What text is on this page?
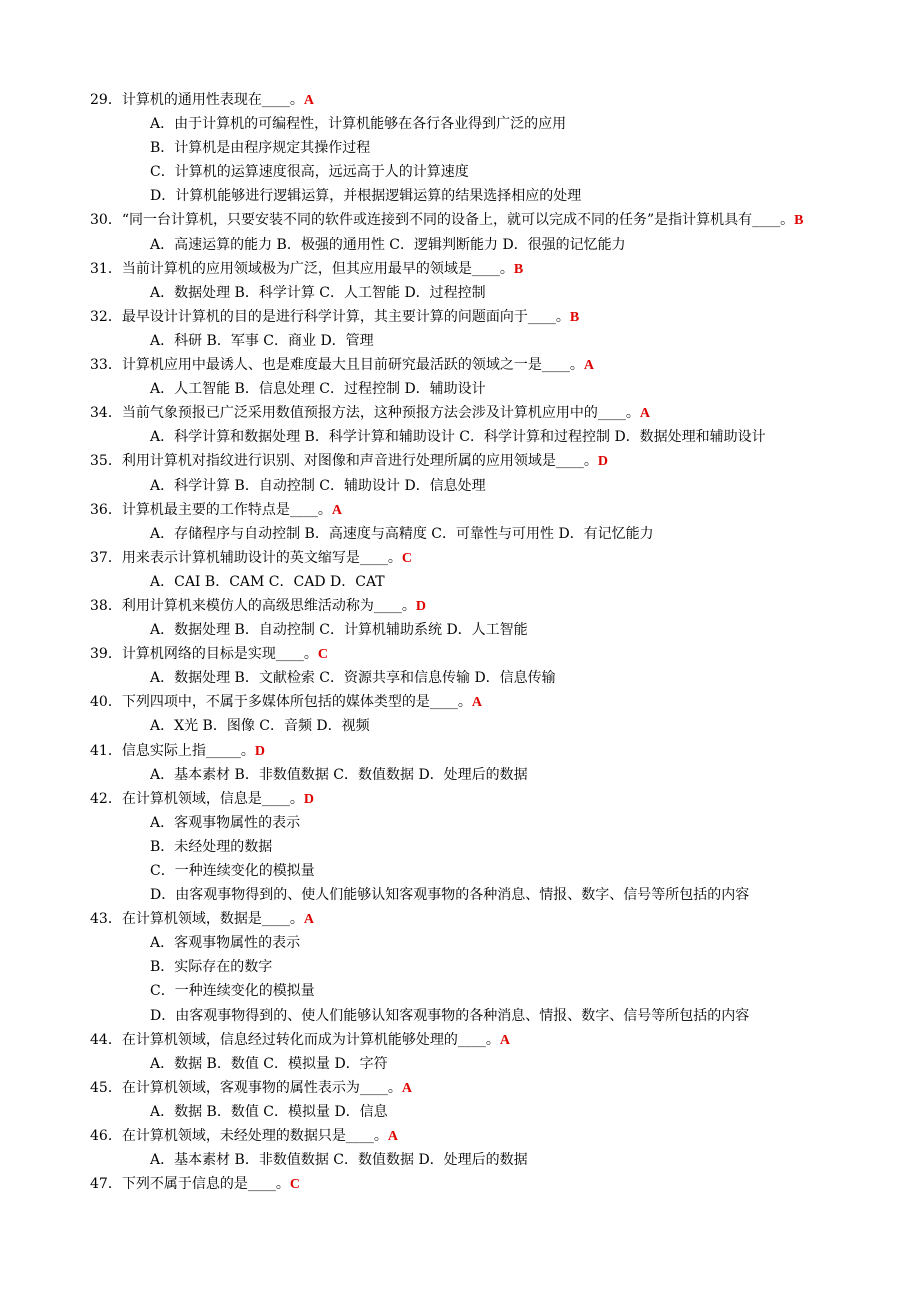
29．计算机的通用性表现在____。A
A．由于计算机的可编程性，计算机能够在各行各业得到广泛的应用
B．计算机是由程序规定其操作过程
C．计算机的运算速度很高，远远高于人的计算速度
D．计算机能够进行逻辑运算，并根据逻辑运算的结果选择相应的处理
30．“同一台计算机，只要安装不同的软件或连接到不同的设备上，就可以完成不同的任务”是指计算机具有____。B
A．高速运算的能力 B．极强的通用性 C．逻辑判断能力 D．很强的记忆能力
31．当前计算机的应用领域极为广泛，但其应用最早的领域是____。B
A．数据处理 B．科学计算 C．人工智能 D．过程控制
32．最早设计计算机的目的是进行科学计算，其主要计算的问题面向于____。B
A．科研 B．军事 C．商业 D．管理
33．计算机应用中最诱人、也是难度最大且目前研究最活跃的领域之一是____。A
A．人工智能 B．信息处理 C．过程控制 D．辅助设计
34．当前气象预报已广泛采用数值预报方法，这种预报方法会涉及计算机应用中的____。A
A．科学计算和数据处理 B．科学计算和辅助设计 C．科学计算和过程控制 D．数据处理和辅助设计
35．利用计算机对指纹进行识别、对图像和声音进行处理所属的应用领域是____。D
A．科学计算 B．自动控制 C．辅助设计 D．信息处理
36．计算机最主要的工作特点是____。A
A．存储程序与自动控制 B．高速度与高精度 C．可靠性与可用性 D．有记忆能力
37．用来表示计算机辅助设计的英文缩写是____。C
A．CAI B．CAM C．CAD D．CAT
38．利用计算机来模仿人的高级思维活动称为____。D
A．数据处理 B．自动控制 C．计算机辅助系统 D．人工智能
39．计算机网络的目标是实现____。C
A．数据处理 B．文献检索 C．资源共享和信息传输 D．信息传输
40．下列四项中，不属于多媒体所包括的媒体类型的是____。A
A．X光 B．图像 C．音频 D．视频
41．信息实际上指_____。D
A．基本素材 B．非数值数据 C．数值数据 D．处理后的数据
42．在计算机领域，信息是____。D
A．客观事物属性的表示
B．未经处理的数据
C．一种连续变化的模拟量
D．由客观事物得到的、使人们能够认知客观事物的各种消息、情报、数字、信号等所包括的内容
43．在计算机领域，数据是____。A
A．客观事物属性的表示
B．实际存在的数字
C．一种连续变化的模拟量
D．由客观事物得到的、使人们能够认知客观事物的各种消息、情报、数字、信号等所包括的内容
44．在计算机领域，信息经过转化而成为计算机能够处理的____。A
A．数据 B．数值 C．模拟量 D．字符
45．在计算机领域，客观事物的属性表示为____。A
A．数据 B．数值 C．模拟量 D．信息
46．在计算机领域，未经处理的数据只是____。A
A．基本素材 B．非数值数据 C．数值数据 D．处理后的数据
47．下列不属于信息的是____。C
